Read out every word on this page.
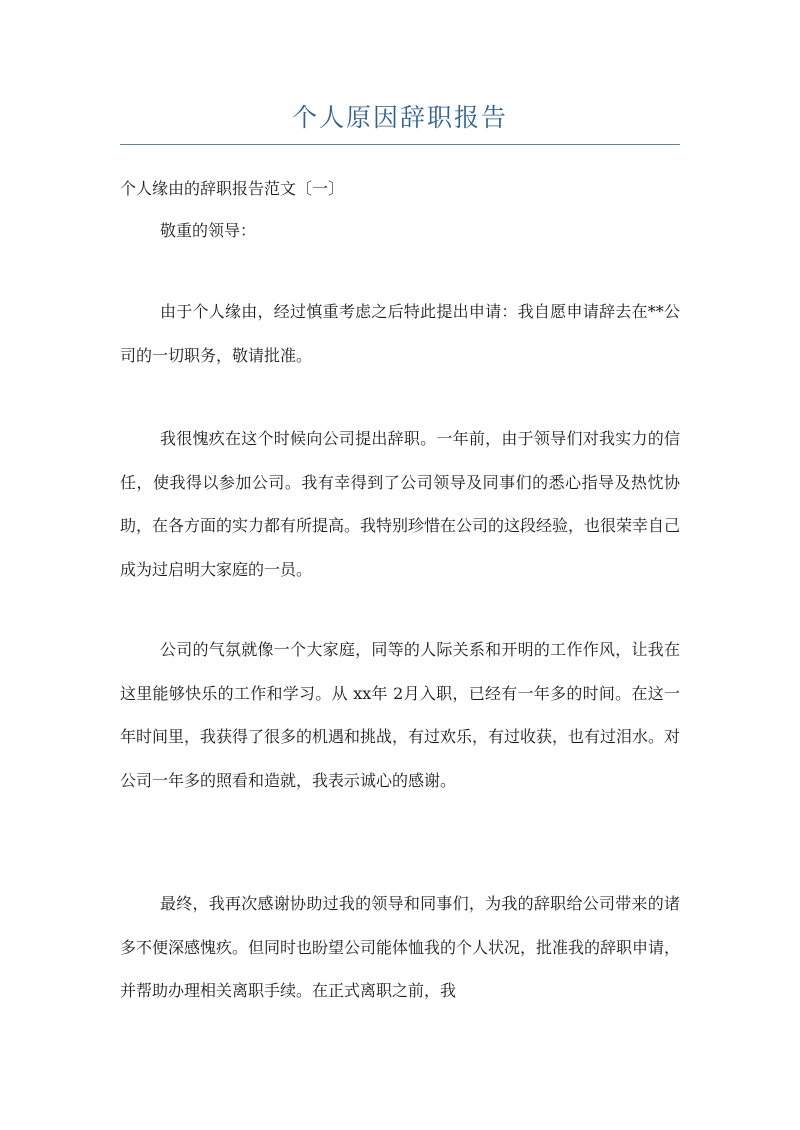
个人原因辞职报告

个人缘由的辞职报告范文〔一〕

敬重的领导：

由于个人缘由，经过慎重考虑之后特此提出申请：我自愿申请辞去在**公司的一切职务，敬请批准。

我很愧疚在这个时候向公司提出辞职。一年前，由于领导们对我实力的信任，使我得以参加公司。我有幸得到了公司领导及同事们的悉心指导及热忱协助，在各方面的实力都有所提高。我特别珍惜在公司的这段经验，也很荣幸自己成为过启明大家庭的一员。

公司的气氛就像一个大家庭，同等的人际关系和开明的工作作风，让我在这里能够快乐的工作和学习。从 xx年 2月入职，已经有一年多的时间。在这一年时间里，我获得了很多的机遇和挑战，有过欢乐，有过收获，也有过泪水。对公司一年多的照看和造就，我表示诚心的感谢。

最终，我再次感谢协助过我的领导和同事们，为我的辞职给公司带来的诸多不便深感愧疚。但同时也盼望公司能体恤我的个人状况，批准我的辞职申请，并帮助办理相关离职手续。在正式离职之前，我
